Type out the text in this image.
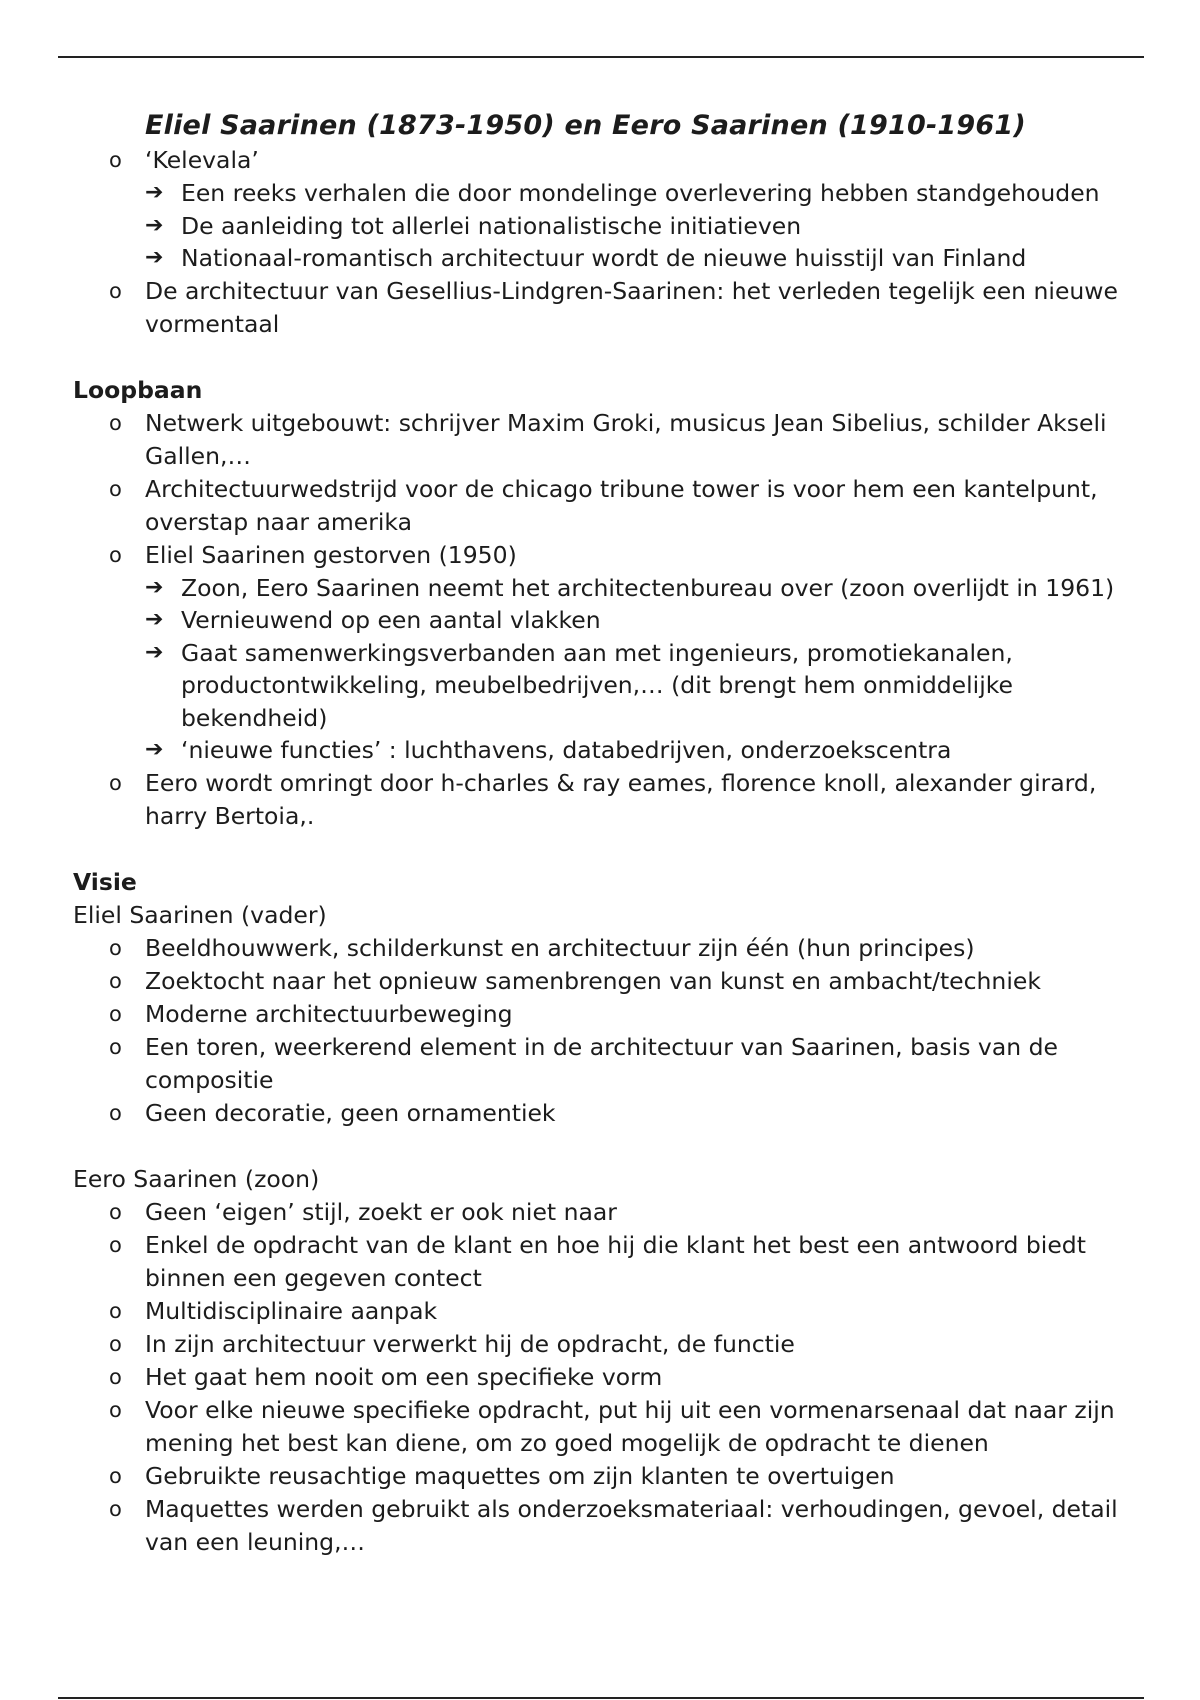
Eliel Saarinen (1873-1950) en Eero Saarinen (1910-1961)
o ‘Kelevala’
➔ Een reeks verhalen die door mondelinge overlevering hebben standgehouden
➔ De aanleiding tot allerlei nationalistische initiatieven
➔ Nationaal-romantisch architectuur wordt de nieuwe huisstijl van Finland
o De architectuur van Gesellius-Lindgren-Saarinen: het verleden tegelijk een nieuwe vormentaal
Loopbaan
o Netwerk uitgebouwt: schrijver Maxim Groki, musicus Jean Sibelius, schilder Akseli Gallen,…
o Architectuurwedstrijd voor de chicago tribune tower is voor hem een kantelpunt, overstap naar amerika
o Eliel Saarinen gestorven (1950)
➔ Zoon, Eero Saarinen neemt het architectenbureau over (zoon overlijdt in 1961)
➔ Vernieuwend op een aantal vlakken
➔ Gaat samenwerkingsverbanden aan met ingenieurs, promotiekanalen, productontwikkeling, meubelbedrijven,… (dit brengt hem onmiddelijke bekendheid)
➔ ‘nieuwe functies’ : luchthavens, databedrijven, onderzoekscentra
o Eero wordt omringt door h-charles & ray eames, florence knoll, alexander girard, harry Bertoia,.
Visie
Eliel Saarinen (vader)
o Beeldhouwwerk, schilderkunst en architectuur zijn één (hun principes)
o Zoektocht naar het opnieuw samenbrengen van kunst en ambacht/techniek
o Moderne architectuurbeweging
o Een toren, weerkerend element in de architectuur van Saarinen, basis van de compositie
o Geen decoratie, geen ornamentiek
Eero Saarinen (zoon)
o Geen ‘eigen’ stijl, zoekt er ook niet naar
o Enkel de opdracht van de klant en hoe hij die klant het best een antwoord biedt binnen een gegeven contect
o Multidisciplinaire aanpak
o In zijn architectuur verwerkt hij de opdracht, de functie
o Het gaat hem nooit om een specifieke vorm
o Voor elke nieuwe specifieke opdracht, put hij uit een vormenarsenaal dat naar zijn mening het best kan diene, om zo goed mogelijk de opdracht te dienen
o Gebruikte reusachtige maquettes om zijn klanten te overtuigen
o Maquettes werden gebruikt als onderzoeksmateriaal: verhoudingen, gevoel, detail van een leuning,…
